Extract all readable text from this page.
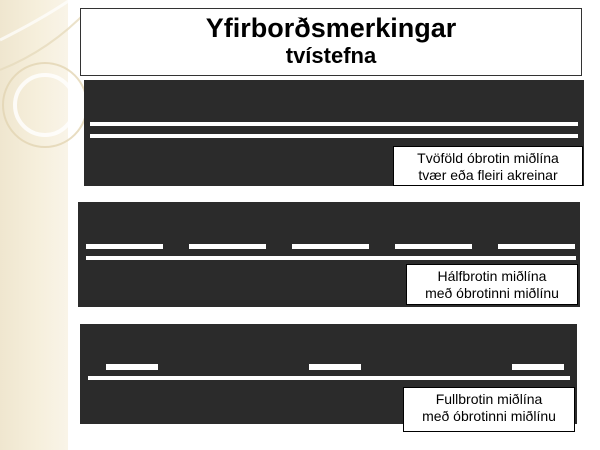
Yfirborðsmerkingar
tvístefna
Tvöföld óbrotin miðlína
tvær eða fleiri akreinar
Hálfbrotin miðlína
með óbrotinni miðlínu
Fullbrotin miðlína
með óbrotinni miðlínu
